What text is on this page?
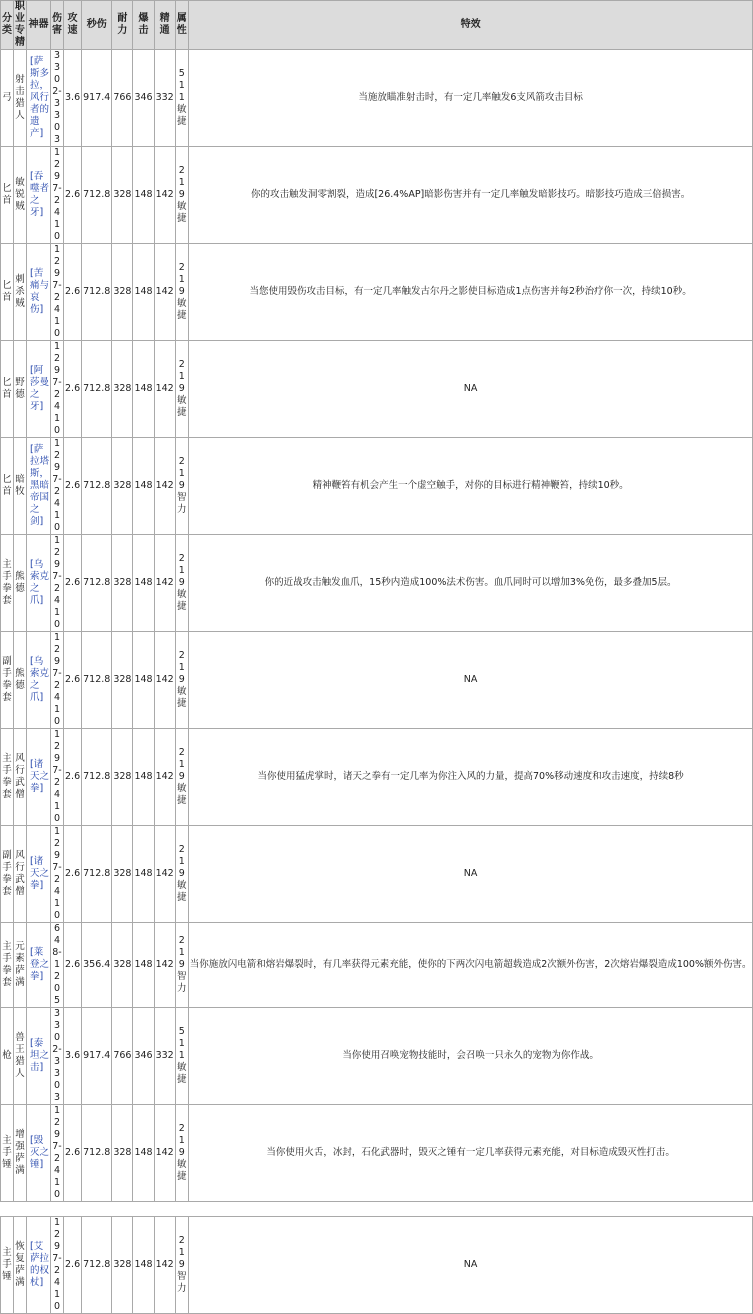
分类	职业专精	神器	伤害	攻速	秒伤	耐力	爆击	精通	属性	特效
弓	射击猎人	[萨斯多拉，风行者的遗产]	3302-3303	3.6	917.4	766	346	332	511敏捷	当施放瞄准射击时，有一定几率触发6支风箭攻击目标
匕首	敏锐贼	[吞噬者之牙]	1297-2410	2.6	712.8	328	148	142	219敏捷	你的攻击触发洞零割裂，造成[26.4%AP]暗影伤害并有一定几率触发暗影技巧。暗影技巧造成三倍损害。
匕首	刺杀贼	[苦痛与哀伤]	1297-2410	2.6	712.8	328	148	142	219敏捷	当您使用毁伤攻击目标，有一定几率触发古尔丹之影使目标造成1点伤害并每2秒治疗你一次，持续10秒。
匕首	野德	[阿莎曼之牙]	1297-2410	2.6	712.8	328	148	142	219敏捷	NA
匕首	暗牧	[萨拉塔斯，黑暗帝国之剑]	1297-2410	2.6	712.8	328	148	142	219智力	精神鞭笞有机会产生一个虚空触手，对你的目标进行精神鞭笞，持续10秒。
主手拳套	熊德	[乌索克之爪]	1297-2410	2.6	712.8	328	148	142	219敏捷	你的近战攻击触发血爪，15秒内造成100%法术伤害。血爪同时可以增加3%免伤，最多叠加5层。
副手拳套	熊德	[乌索克之爪]	1297-2410	2.6	712.8	328	148	142	219敏捷	NA
主手拳套	风行武僧	[诸天之拳]	1297-2410	2.6	712.8	328	148	142	219敏捷	当你使用猛虎掌时，诸天之拳有一定几率为你注入风的力量，提高70%移动速度和攻击速度，持续8秒
副手拳套	风行武僧	[诸天之拳]	1297-2410	2.6	712.8	328	148	142	219敏捷	NA
主手拳套	元素萨满	[莱登之拳]	648-1205	2.6	356.4	328	148	142	219智力	当你施放闪电箭和熔岩爆裂时，有几率获得元素充能，使你的下两次闪电箭超载造成2次额外伤害，2次熔岩爆裂造成100%额外伤害。
枪	兽王猎人	[泰坦之击]	3302-3303	3.6	917.4	766	346	332	511敏捷	当你使用召唤宠物技能时，会召唤一只永久的宠物为你作战。
主手锤	增强萨满	[毁灭之锤]	1297-2410	2.6	712.8	328	148	142	219敏捷	当你使用火舌，冰封，石化武器时，毁灭之锤有一定几率获得元素充能，对目标造成毁灭性打击。

主手锤	恢复萨满	[艾萨拉的权杖]	1297-2410	2.6	712.8	328	148	142	219智力	NA
